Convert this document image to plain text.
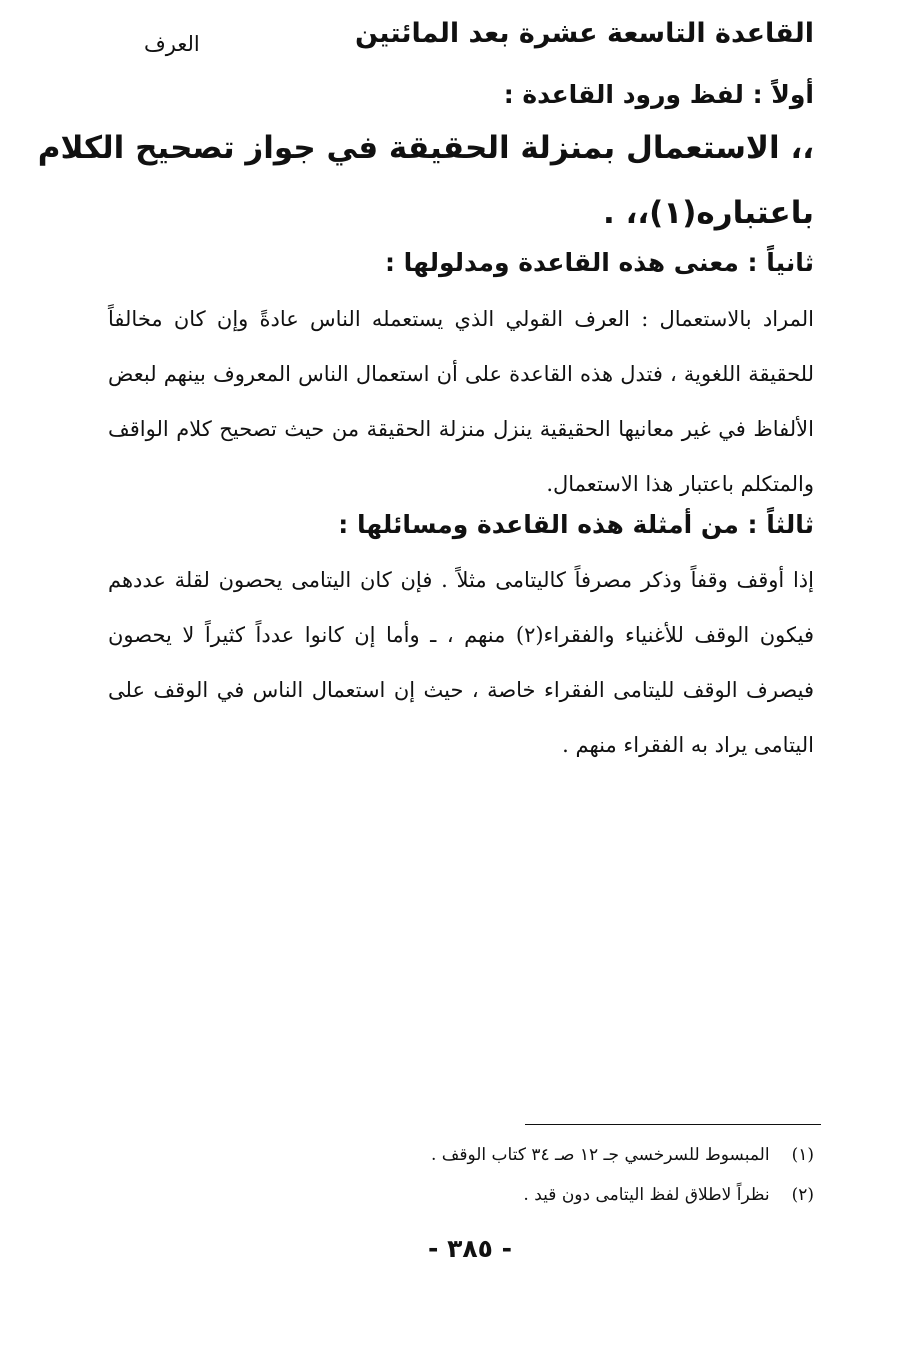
القاعدة التاسعة عشرة بعد المائتين
العرف
أولاً : لفظ ورود القاعدة :
،، الاستعمال بمنزلة الحقيقة في جواز تصحيح الكلام
باعتباره(١)،، .
ثانياً : معنى هذه القاعدة ومدلولها :
المراد بالاستعمال : العرف القولي الذي يستعمله الناس عادةً وإن كان مخالفاً للحقيقة اللغوية ، فتدل هذه القاعدة على أن استعمال الناس المعروف بينهم لبعض الألفاظ في غير معانيها الحقيقية ينزل منزلة الحقيقة من حيث تصحيح كلام الواقف والمتكلم باعتبار هذا الاستعمال.
ثالثاً : من أمثلة هذه القاعدة ومسائلها :
إذا أوقف وقفاً وذكر مصرفاً كاليتامى مثلاً . فإن كان اليتامى يحصون لقلة عددهم فيكون الوقف للأغنياء والفقراء(٢) منهم ، ـ وأما إن كانوا عدداً كثيراً لا يحصون فيصرف الوقف لليتامى الفقراء خاصة ، حيث إن استعمال الناس في الوقف على اليتامى يراد به الفقراء منهم .
(١)المبسوط للسرخسي جـ ١٢ صـ ٣٤ كتاب الوقف .
(٢)نظراً لاطلاق لفظ اليتامى دون قيد .
- ٣٨٥ -
